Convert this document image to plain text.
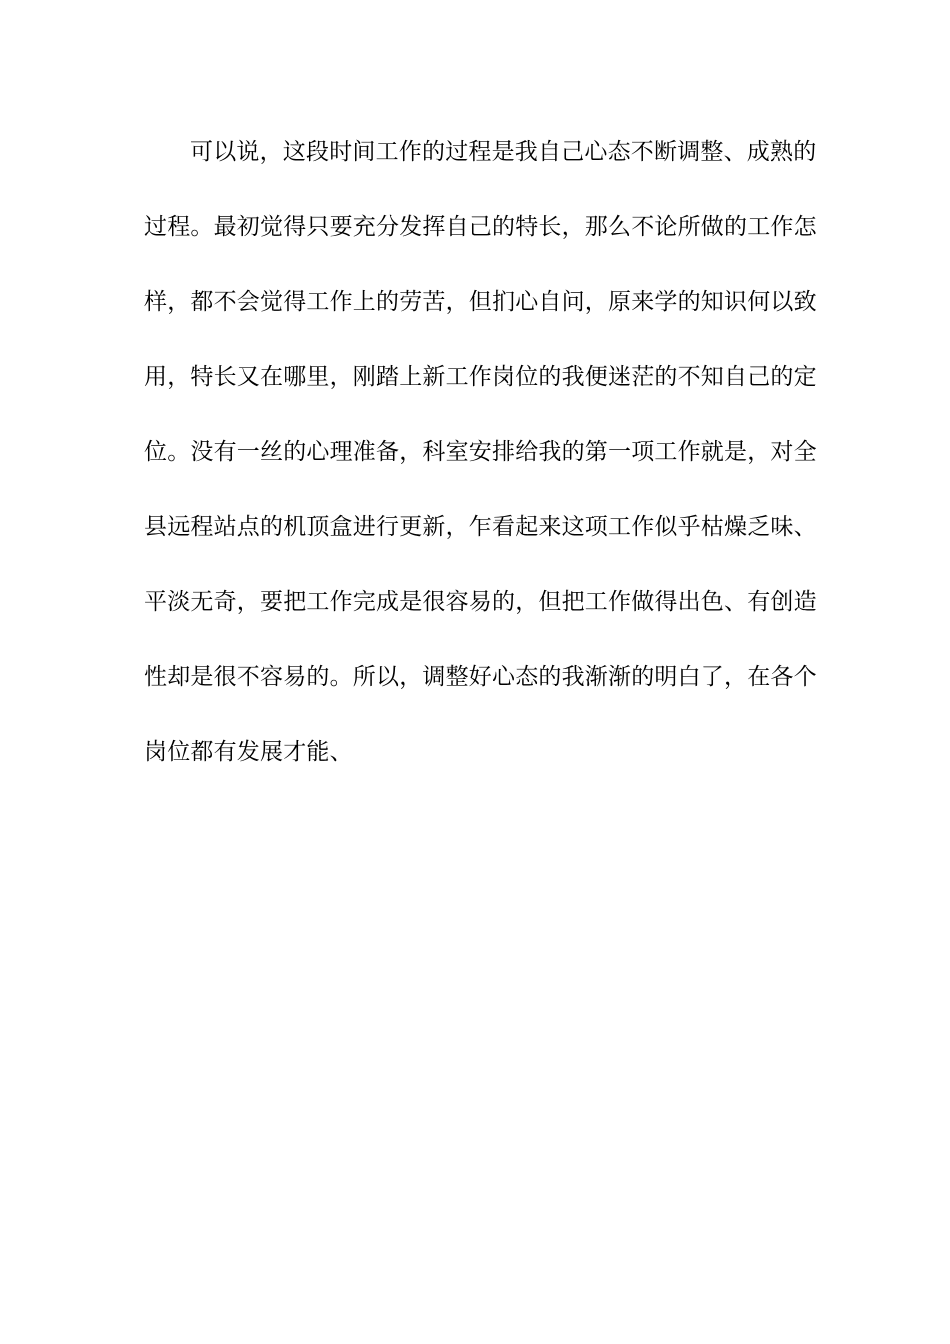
可以说，这段时间工作的过程是我自己心态不断调整、成熟的
过程。最初觉得只要充分发挥自己的特长，那么不论所做的工作怎
样，都不会觉得工作上的劳苦，但扪心自问，原来学的知识何以致
用，特长又在哪里，刚踏上新工作岗位的我便迷茫的不知自己的定
位。没有一丝的心理准备，科室安排给我的第一项工作就是，对全
县远程站点的机顶盒进行更新，乍看起来这项工作似乎枯燥乏味、
平淡无奇，要把工作完成是很容易的，但把工作做得出色、有创造
性却是很不容易的。所以，调整好心态的我渐渐的明白了，在各个
岗位都有发展才能、
